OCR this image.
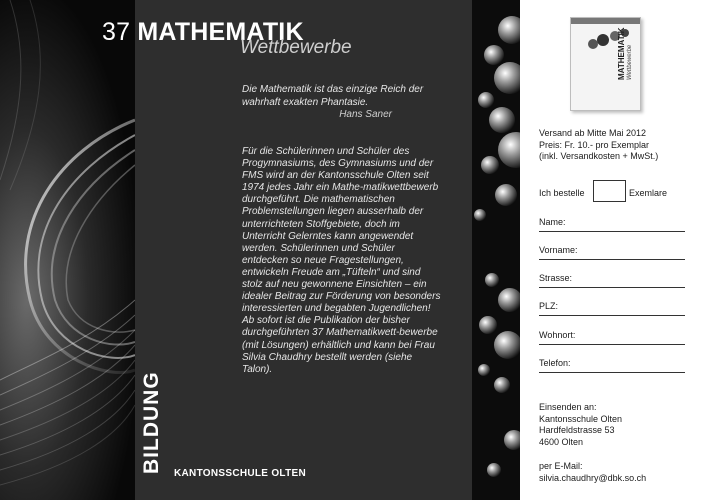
37 MATHEMATIK
Wettbewerbe
Die Mathematik ist das einzige Reich der wahrhaft exakten Phantasie.
Hans Saner

Für die Schülerinnen und Schüler des Progymnasiums, des Gymnasiums und der FMS wird an der Kantonsschule Olten seit 1974 jedes Jahr ein Mathe-matikwettbewerb durchgeführt. Die mathematischen Problemstellungen liegen ausserhalb der unterrichteten Stoffgebiete, doch im Unterricht Gelerntes kann angewendet werden. Schülerinnen und Schüler entdecken so neue Fragestellungen, entwickeln Freude am „Tüfteln“ und sind stolz auf neu gewonnene Einsichten – ein idealer Beitrag zur Förderung von besonders interessierten und begabten Jugendlichen!

Ab sofort ist die Publikation der bisher durchgeführten 37 Mathematikwett-bewerbe (mit Lösungen) erhältlich und kann bei Frau Silvia Chaudhry bestellt werden (siehe Talon).

BILDUNG KANTONSSCHULE OLTEN
MATHEMATIK Wettbewerbe
Versand ab Mitte Mai 2012
Preis: Fr. 10.- pro Exemplar
(inkl. Versandkosten + MwSt.)
Ich bestelle	Exemlare
Name:
Vorname:
Strasse:
PLZ:
Wohnort:
Telefon:
Einsenden an:
Kantonsschule Olten
Hardfeldstrasse 53
4600 Olten
per E-Mail:
silvia.chaudhry@dbk.so.ch
